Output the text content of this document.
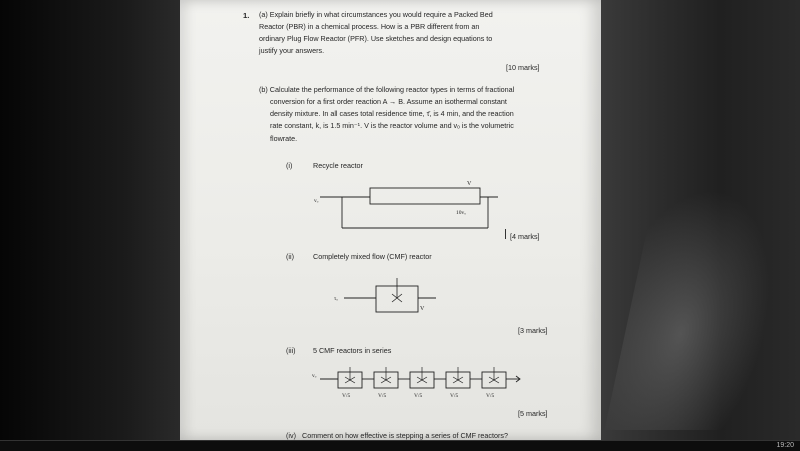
1. (a) Explain briefly in what circumstances you would require a Packed Bed
Reactor (PBR) in a chemical process. How is a PBR different from an
ordinary Plug Flow Reactor (PFR). Use sketches and design equations to
justify your answers.
[10 marks]
(b) Calculate the performance of the following reactor types in terms of fractional
conversion for a first order reaction A → B. Assume an isothermal constant
density mixture. In all cases total residence time, τ̄, is 4 min, and the reaction
rate constant, k, is 1.5 min⁻¹. V is the reactor volume and vₒ is the volumetric
flowrate.
(i)	Recycle reactor
vₒ
V
10vₒ
[4 marks]
(ii)	Completely mixed flow (CMF) reactor
τₒ
V
[3 marks]
(iii) 5 CMF reactors in series
vₒ
V/5	V/5	V/5	V/5	V/5
[5 marks]
(iv) Comment on how effective is stepping a series of CMF reactors?
19:20
